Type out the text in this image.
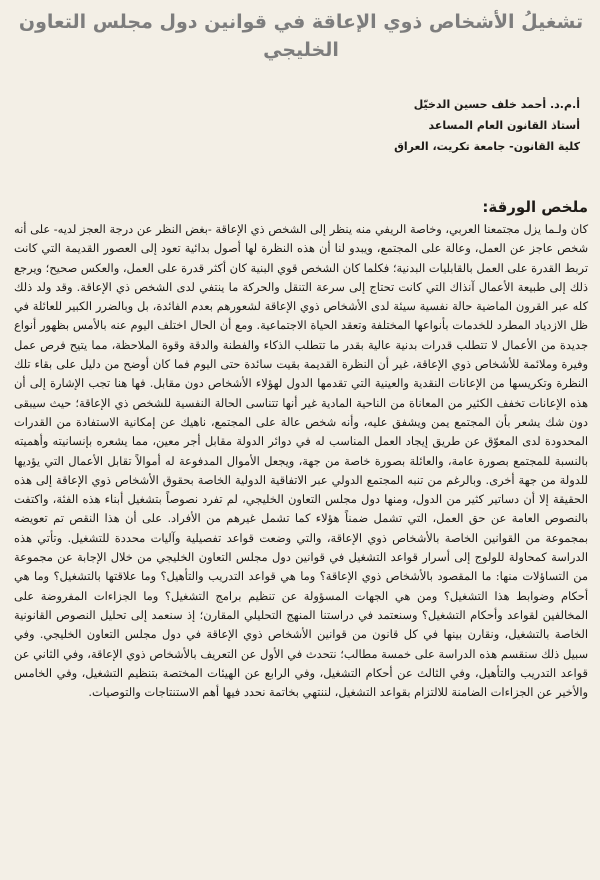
تشغيلُ الأشخاص ذوي الإعاقة في قوانين دول مجلس التعاون الخليجي
أ.م.د. أحمد خلف حسين الدخيّل
أستاذ القانون العام المساعد
كلية القانون- جامعة تكريت، العراق
ملخص الورقة:

كان ولـما يزل مجتمعنا العربي، وخاصة الريفي منه ينظر إلى الشخص ذي الإعاقة -بغض النظر عن درجة العجز لديه- على أنه شخص عاجز عن العمل، وعالة على المجتمع، ويبدو لنا أن هذه النظرة لها أصول بدائية تعود إلى العصور القديمة التي كانت تربط القدرة على العمل بالقابليات البدنية؛ فكلما كان الشخص قوي البنية كان أكثر قدرة على العمل، والعكس صحيح؛ ويرجع ذلك إلى طبيعة الأعمال آنذاك التي كانت تحتاج إلى سرعة التنقل والحركة ما ينتفي لدى الشخص ذي الإعاقة. وقد ولد ذلك كله عبر القرون الماضية حالة نفسية سيئة لدى الأشخاص ذوي الإعاقة لشعورهم بعدم الفائدة، بل وبالضرر الكبير للعائلة في ظل الازدياد المطرد للخدمات بأنواعها المختلفة وتعقد الحياة الاجتماعية. ومع أن الحال اختلف اليوم عنه بالأمس بظهور أنواع جديدة من الأعمال لا تتطلب قدرات بدنية عالية بقدر ما تتطلب الذكاء والفطنة والدقة وقوة الملاحظة، مما يتيح فرص عمل وفيرة وملائمة للأشخاص ذوي الإعاقة، غير أن النظرة القديمة بقيت سائدة حتى اليوم فما كان أوضح من دليل على بقاء تلك النظرة وتكريسها من الإعانات النقدية والعينية التي تقدمها الدول لهؤلاء الأشخاص دون مقابل. فها هنا تجب الإشارة إلى أن هذه الإعانات تخفف الكثير من المعاناة من الناحية المادية غير أنها تتناسى الحالة النفسية للشخص ذي الإعاقة؛ حيث سيبقى دون شك يشعر بأن المجتمع يمن ويشفق عليه، وأنه شخص عالة على المجتمع، ناهيك عن إمكانية الاستفادة من القدرات المحدودة لدى المعوّق عن طريق إيجاد العمل المناسب له في دوائر الدولة مقابل أجر معين، مما يشعره بإنسانيته وأهميته بالنسبة للمجتمع بصورة عامة، والعائلة بصورة خاصة من جهة، ويجعل الأموال المدفوعة له أموالاً تقابل الأعمال التي يؤديها للدولة من جهة أخرى. وبالرغم من تنبه المجتمع الدولي عبر الاتفاقية الدولية الخاصة بحقوق الأشخاص ذوي الإعاقة إلى هذه الحقيقة إلا أن دساتير كثير من الدول، ومنها دول مجلس التعاون الخليجي، لم تفرد نصوصاً بتشغيل أبناء هذه الفئة، واكتفت بالنصوص العامة عن حق العمل، التي تشمل ضمناً هؤلاء كما تشمل غيرهم من الأفراد. على أن هذا النقص تم تعويضه بمجموعة من القوانين الخاصة بالأشخاص ذوي الإعاقة، والتي وضعت قواعد تفصيلية وآليات محددة للتشغيل. وتأتي هذه الدراسة كمحاولة للولوج إلى أسرار قواعد التشغيل في قوانين دول مجلس التعاون الخليجي من خلال الإجابة عن مجموعة من التساؤلات منها: ما المقصود بالأشخاص ذوي الإعاقة؟ وما هي قواعد التدريب والتأهيل؟ وما علاقتها بالتشغيل؟ وما هي أحكام وضوابط هذا التشغيل؟ ومن هي الجهات المسؤولة عن تنظيم برامج التشغيل؟ وما الجزاءات المفروضة على المخالفين لقواعد وأحكام التشغيل؟ وسنعتمد في دراستنا المنهج التحليلي المقارن؛ إذ سنعمد إلى تحليل النصوص القانونية الخاصة بالتشغيل، ونقارن بينها في كل قانون من قوانين الأشخاص ذوي الإعاقة في دول مجلس التعاون الخليجي. وفي سبيل ذلك سنقسم هذه الدراسة على خمسة مطالب؛ نتحدث في الأول عن التعريف بالأشخاص ذوي الإعاقة، وفي الثاني عن قواعد التدريب والتأهيل، وفي الثالث عن أحكام التشغيل، وفي الرابع عن الهيئات المختصة بتنظيم التشغيل، وفي الخامس والأخير عن الجزاءات الضامنة للالتزام بقواعد التشغيل، لننتهي بخاتمة نحدد فيها أهم الاستنتاجات والتوصيات.
